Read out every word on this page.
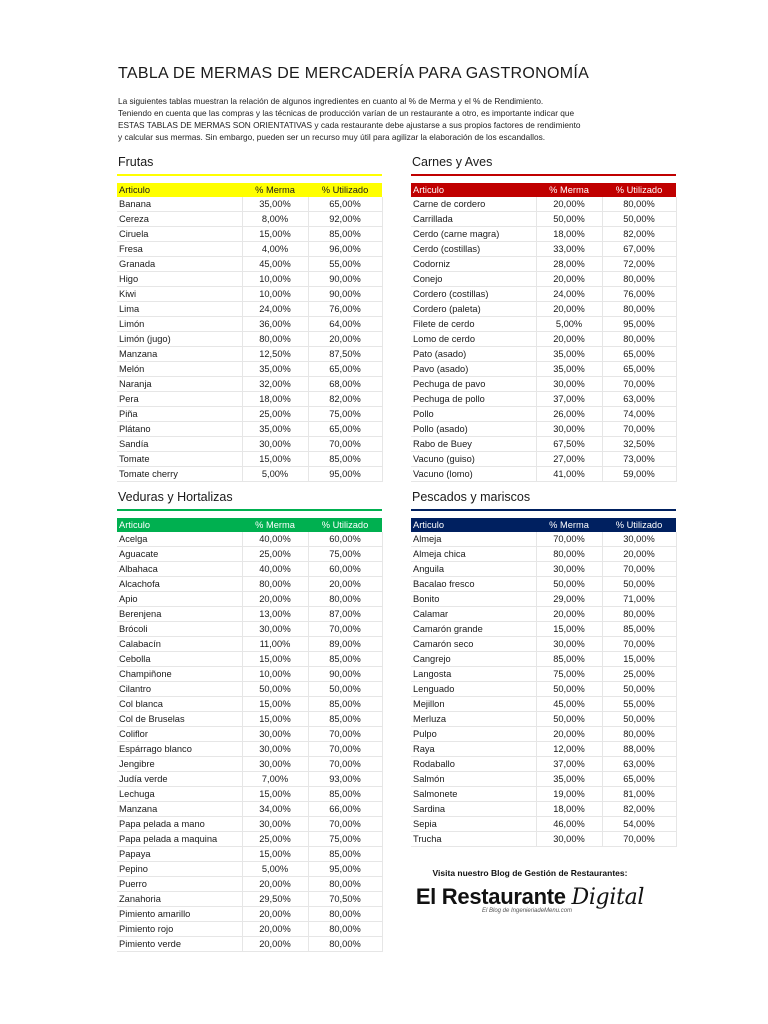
TABLA DE MERMAS DE MERCADERÍA PARA GASTRONOMÍA
La siguientes tablas muestran la relación de algunos ingredientes en cuanto al % de Merma y el % de Rendimiento.
Teniendo en cuenta que las compras y las técnicas de producción varían de un restaurante a otro, es importante indicar que
ESTAS TABLAS DE MERMAS SON ORIENTATIVAS y cada restaurante debe ajustarse a sus propios factores de rendimiento
y calcular sus mermas. Sin embargo, pueden ser un recurso muy útil para agilizar la elaboración de los escandallos.
Frutas
Articulo	% Merma	% Utilizado
Banana	35,00%	65,00%
Cereza	8,00%	92,00%
Ciruela	15,00%	85,00%
Fresa	4,00%	96,00%
Granada	45,00%	55,00%
Higo	10,00%	90,00%
Kiwi	10,00%	90,00%
Lima	24,00%	76,00%
Limón	36,00%	64,00%
Limón (jugo)	80,00%	20,00%
Manzana	12,50%	87,50%
Melón	35,00%	65,00%
Naranja	32,00%	68,00%
Pera	18,00%	82,00%
Piña	25,00%	75,00%
Plátano	35,00%	65,00%
Sandía	30,00%	70,00%
Tomate	15,00%	85,00%
Tomate cherry	5,00%	95,00%
Carnes y Aves
Articulo	% Merma	% Utilizado
Carne de cordero	20,00%	80,00%
Carrillada	50,00%	50,00%
Cerdo (carne magra)	18,00%	82,00%
Cerdo (costillas)	33,00%	67,00%
Codorniz	28,00%	72,00%
Conejo	20,00%	80,00%
Cordero (costillas)	24,00%	76,00%
Cordero (paleta)	20,00%	80,00%
Filete de cerdo	5,00%	95,00%
Lomo de cerdo	20,00%	80,00%
Pato (asado)	35,00%	65,00%
Pavo (asado)	35,00%	65,00%
Pechuga de pavo	30,00%	70,00%
Pechuga de pollo	37,00%	63,00%
Pollo	26,00%	74,00%
Pollo (asado)	30,00%	70,00%
Rabo de Buey	67,50%	32,50%
Vacuno (guiso)	27,00%	73,00%
Vacuno (lomo)	41,00%	59,00%
Veduras y Hortalizas
Articulo	% Merma	% Utilizado
Acelga	40,00%	60,00%
Aguacate	25,00%	75,00%
Albahaca	40,00%	60,00%
Alcachofa	80,00%	20,00%
Apio	20,00%	80,00%
Berenjena	13,00%	87,00%
Brócoli	30,00%	70,00%
Calabacín	11,00%	89,00%
Cebolla	15,00%	85,00%
Champiñone	10,00%	90,00%
Cilantro	50,00%	50,00%
Col blanca	15,00%	85,00%
Col de Bruselas	15,00%	85,00%
Coliflor	30,00%	70,00%
Espárrago blanco	30,00%	70,00%
Jengibre	30,00%	70,00%
Judía verde	7,00%	93,00%
Lechuga	15,00%	85,00%
Manzana	34,00%	66,00%
Papa pelada a mano	30,00%	70,00%
Papa pelada a maquina	25,00%	75,00%
Papaya	15,00%	85,00%
Pepino	5,00%	95,00%
Puerro	20,00%	80,00%
Zanahoria	29,50%	70,50%
Pimiento amarillo	20,00%	80,00%
Pimiento rojo	20,00%	80,00%
Pimiento verde	20,00%	80,00%
Pescados y mariscos
Articulo	% Merma	% Utilizado
Almeja	70,00%	30,00%
Almeja chica	80,00%	20,00%
Anguila	30,00%	70,00%
Bacalao fresco	50,00%	50,00%
Bonito	29,00%	71,00%
Calamar	20,00%	80,00%
Camarón grande	15,00%	85,00%
Camarón seco	30,00%	70,00%
Cangrejo	85,00%	15,00%
Langosta	75,00%	25,00%
Lenguado	50,00%	50,00%
Mejillon	45,00%	55,00%
Merluza	50,00%	50,00%
Pulpo	20,00%	80,00%
Raya	12,00%	88,00%
Rodaballo	37,00%	63,00%
Salmón	35,00%	65,00%
Salmonete	19,00%	81,00%
Sardina	18,00%	82,00%
Sepia	46,00%	54,00%
Trucha	30,00%	70,00%
Visita nuestro Blog de Gestión de Restaurantes:
El Restaurante Digital
El Blog de IngenieriadeMenu.com
